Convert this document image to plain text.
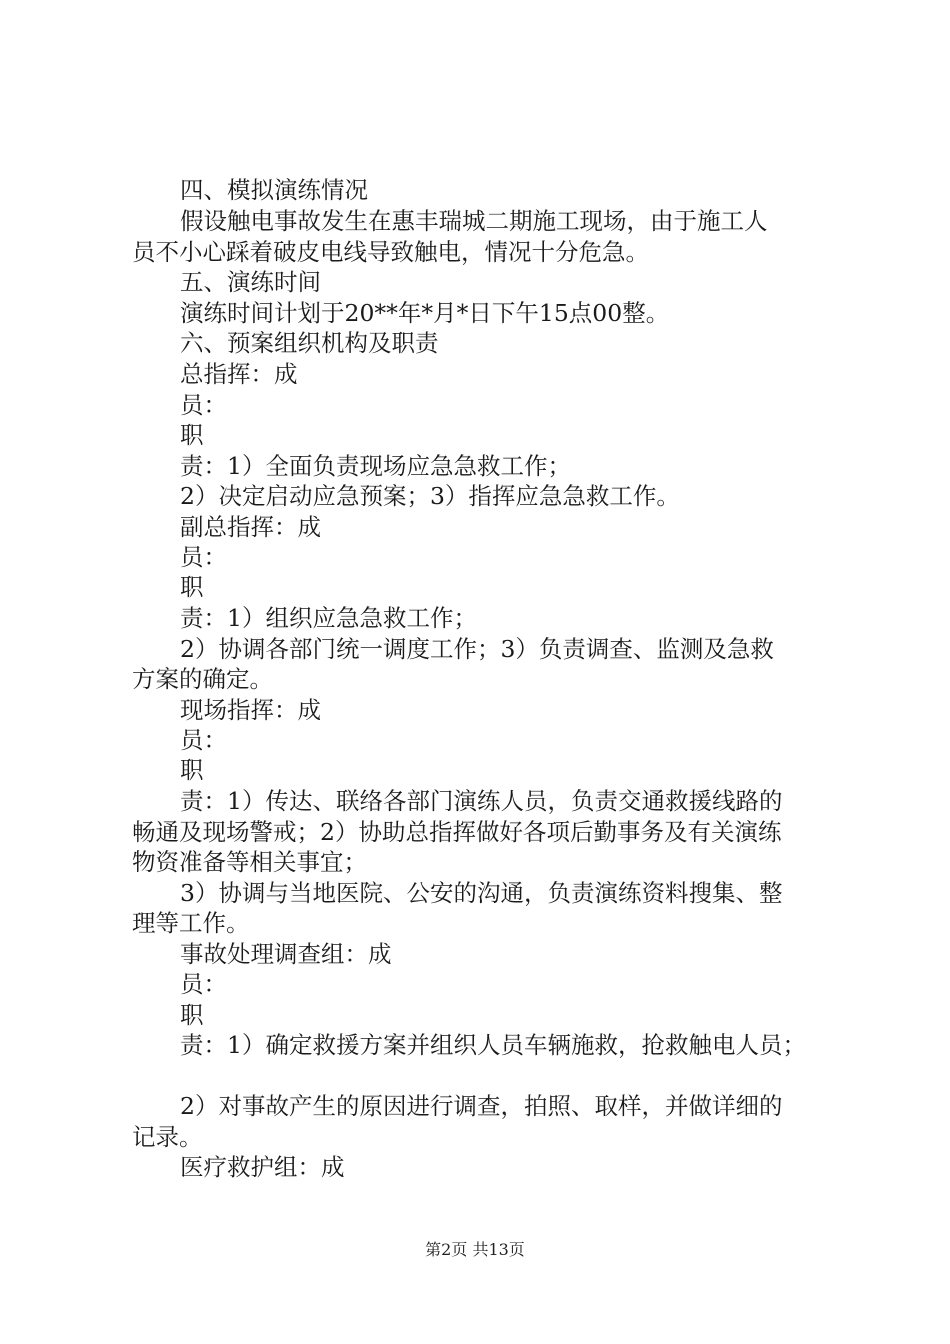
四、模拟演练情况
假设触电事故发生在惠丰瑞城二期施工现场，由于施工人
员不小心踩着破皮电线导致触电，情况十分危急。
五、演练时间
演练时间计划于20**年*月*日下午15点00整。
六、预案组织机构及职责
总指挥：成
员：
职
责：1）全面负责现场应急急救工作；
2）决定启动应急预案；3）指挥应急急救工作。
副总指挥：成
员：
职
责：1）组织应急急救工作；
2）协调各部门统一调度工作；3）负责调查、监测及急救
方案的确定。
现场指挥：成
员：
职
责：1）传达、联络各部门演练人员，负责交通救援线路的
畅通及现场警戒；2）协助总指挥做好各项后勤事务及有关演练
物资准备等相关事宜；
3）协调与当地医院、公安的沟通，负责演练资料搜集、整
理等工作。
事故处理调查组：成
员：
职
责：1）确定救援方案并组织人员车辆施救，抢救触电人员；
2）对事故产生的原因进行调查，拍照、取样，并做详细的
记录。
医疗救护组：成
第2页 共13页
